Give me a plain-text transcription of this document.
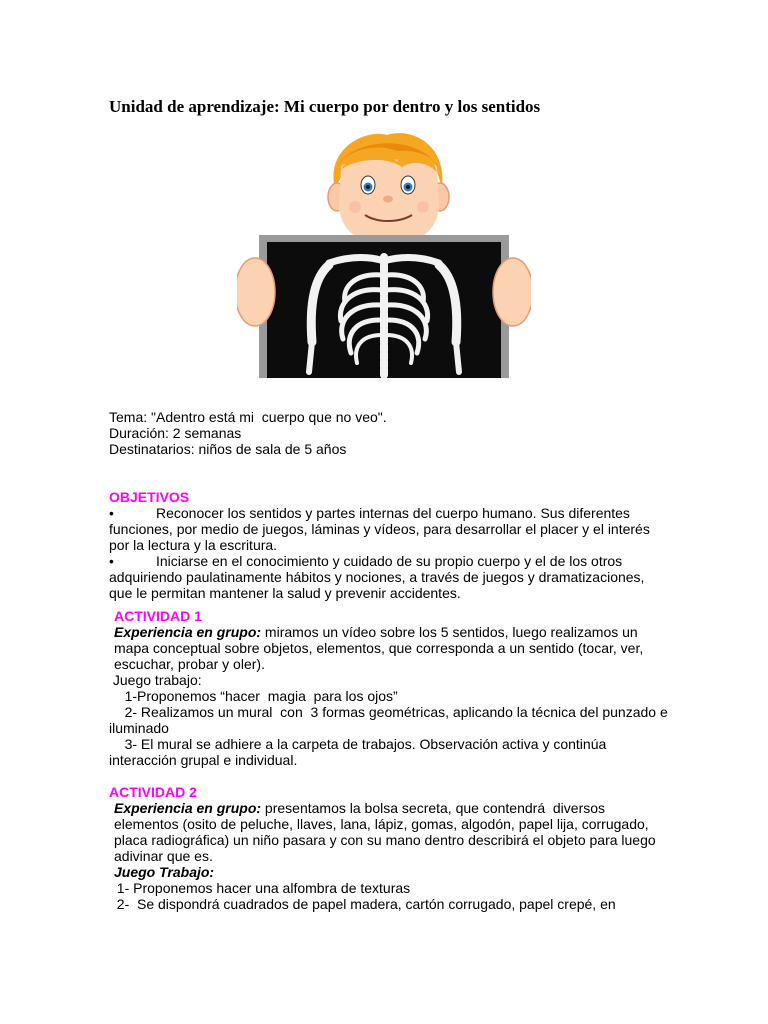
Unidad de aprendizaje: Mi cuerpo por dentro y los sentidos

Tema: "Adentro está mi  cuerpo que no veo".

Duración: 2 semanas

Destinatarios: niños de sala de 5 años

OBJETIVOS

•	Reconocer los sentidos y partes internas del cuerpo humano. Sus diferentes funciones, por medio de juegos, láminas y vídeos, para desarrollar el placer y el interés por la lectura y la escritura.

•	Iniciarse en el conocimiento y cuidado de su propio cuerpo y el de los otros adquiriendo paulatinamente hábitos y nociones, a través de juegos y dramatizaciones, que le permitan mantener la salud y prevenir accidentes.

ACTIVIDAD 1

Experiencia en grupo: miramos un vídeo sobre los 5 sentidos, luego realizamos un mapa conceptual sobre objetos, elementos, que corresponda a un sentido (tocar, ver, escuchar, probar y oler).

Juego trabajo:

1-Proponemos “hacer  magia  para los ojos”

2- Realizamos un mural  con  3 formas geométricas, aplicando la técnica del punzado e iluminado

3- El mural se adhiere a la carpeta de trabajos. Observación activa y continúa interacción grupal e individual.

ACTIVIDAD 2

Experiencia en grupo: presentamos la bolsa secreta, que contendrá  diversos elementos (osito de peluche, llaves, lana, lápiz, gomas, algodón, papel lija, corrugado, placa radiográfica) un niño pasara y con su mano dentro describirá el objeto para luego adivinar que es.

Juego Trabajo:

1- Proponemos hacer una alfombra de texturas

2-  Se dispondrá cuadrados de papel madera, cartón corrugado, papel crepé, en
